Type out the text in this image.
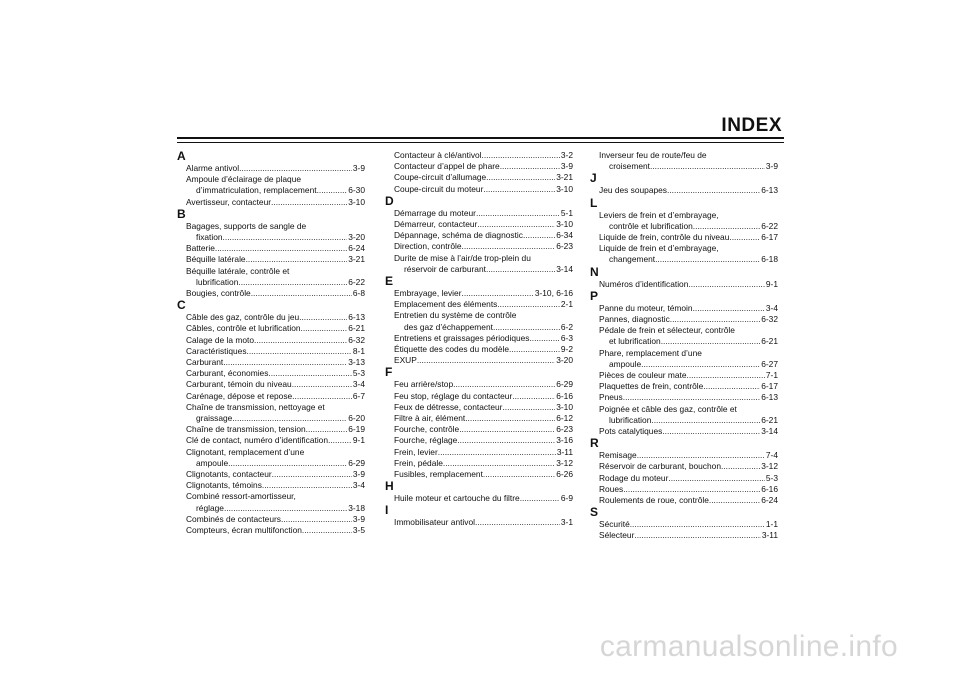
INDEX
A
Alarme antivol .....	3-9
Ampoule d’éclairage de plaque
d’immatriculation, remplacement .....	6-30
Avertisseur, contacteur .....	3-10
B
Bagages, supports de sangle de
fixation .....	3-20
Batterie .....	6-24
Béquille latérale .....	3-21
Béquille latérale, contrôle et
lubrification .....	6-22
Bougies, contrôle .....	6-8
C
Câble des gaz, contrôle du jeu .....	6-13
Câbles, contrôle et lubrification .....	6-21
Calage de la moto .....	6-32
Caractéristiques .....	8-1
Carburant .....	3-13
Carburant, économies .....	5-3
Carburant, témoin du niveau .....	3-4
Carénage, dépose et repose .....	6-7
Chaîne de transmission, nettoyage et
graissage .....	6-20
Chaîne de transmission, tension .....	6-19
Clé de contact, numéro d’identification .....	9-1
Clignotant, remplacement d’une
ampoule .....	6-29
Clignotants, contacteur .....	3-9
Clignotants, témoins .....	3-4
Combiné ressort-amortisseur,
réglage .....	3-18
Combinés de contacteurs .....	3-9
Compteurs, écran multifonction .....	3-5
Contacteur à clé/antivol .....	3-2
Contacteur d’appel de phare .....	3-9
Coupe-circuit d’allumage .....	3-21
Coupe-circuit du moteur .....	3-10
D
Démarrage du moteur .....	5-1
Démarreur, contacteur .....	3-10
Dépannage, schéma de diagnostic .....	6-34
Direction, contrôle .....	6-23
Durite de mise à l’air/de trop-plein du
réservoir de carburant .....	3-14
E
Embrayage, levier .....	3-10, 6-16
Emplacement des éléments .....	2-1
Entretien du système de contrôle
des gaz d’échappement .....	6-2
Entretiens et graissages périodiques .....	6-3
Étiquette des codes du modèle .....	9-2
EXUP .....	3-20
F
Feu arrière/stop .....	6-29
Feu stop, réglage du contacteur .....	6-16
Feux de détresse, contacteur .....	3-10
Filtre à air, élément .....	6-12
Fourche, contrôle .....	6-23
Fourche, réglage .....	3-16
Frein, levier .....	3-11
Frein, pédale .....	3-12
Fusibles, remplacement .....	6-26
H
Huile moteur et cartouche du filtre .....	6-9
I
Immobilisateur antivol .....	3-1
Inverseur feu de route/feu de
croisement .....	3-9
J
Jeu des soupapes .....	6-13
L
Leviers de frein et d’embrayage,
contrôle et lubrification .....	6-22
Liquide de frein, contrôle du niveau .....	6-17
Liquide de frein et d’embrayage,
changement .....	6-18
N
Numéros d’identification .....	9-1
P
Panne du moteur, témoin .....	3-4
Pannes, diagnostic .....	6-32
Pédale de frein et sélecteur, contrôle
et lubrification .....	6-21
Phare, remplacement d’une
ampoule .....	6-27
Pièces de couleur mate .....	7-1
Plaquettes de frein, contrôle .....	6-17
Pneus .....	6-13
Poignée et câble des gaz, contrôle et
lubrification .....	6-21
Pots catalytiques .....	3-14
R
Remisage .....	7-4
Réservoir de carburant, bouchon .....	3-12
Rodage du moteur .....	5-3
Roues .....	6-16
Roulements de roue, contrôle .....	6-24
S
Sécurité .....	1-1
Sélecteur .....	3-11
carmanualsonline.info
